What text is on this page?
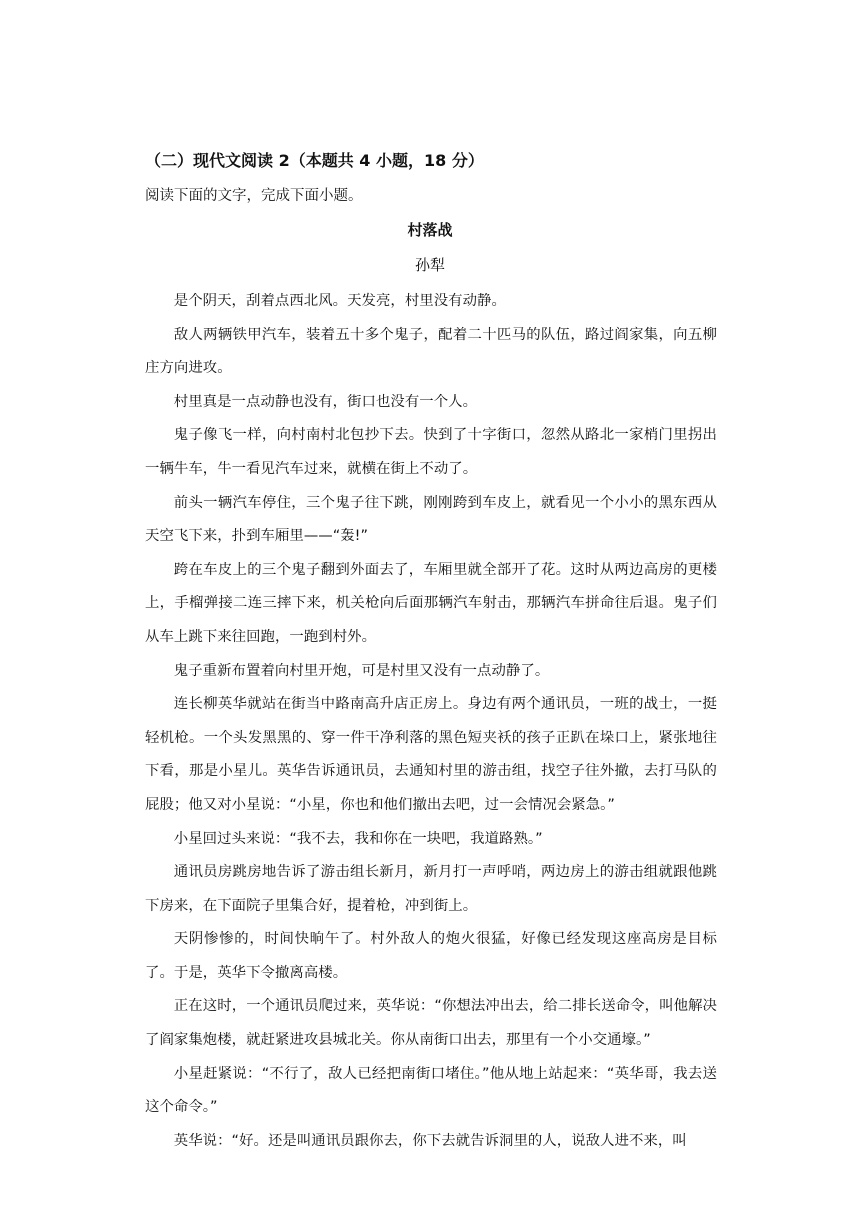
（二）现代文阅读 2（本题共 4 小题，18 分）
阅读下面的文字，完成下面小题。
村落战
孙犁

是个阴天，刮着点西北风。天发亮，村里没有动静。

敌人两辆铁甲汽车，装着五十多个鬼子，配着二十匹马的队伍，路过阎家集，向五柳庄方向进攻。

村里真是一点动静也没有，街口也没有一个人。

鬼子像飞一样，向村南村北包抄下去。快到了十字街口，忽然从路北一家梢门里拐出一辆牛车，牛一看见汽车过来，就横在街上不动了。

前头一辆汽车停住，三个鬼子往下跳，刚刚跨到车皮上，就看见一个小小的黑东西从天空飞下来，扑到车厢里——“轰!”

跨在车皮上的三个鬼子翻到外面去了，车厢里就全部开了花。这时从两边高房的更楼上，手榴弹接二连三摔下来，机关枪向后面那辆汽车射击，那辆汽车拼命往后退。鬼子们从车上跳下来往回跑，一跑到村外。

鬼子重新布置着向村里开炮，可是村里又没有一点动静了。

连长柳英华就站在街当中路南高升店正房上。身边有两个通讯员，一班的战士，一挺轻机枪。一个头发黑黑的、穿一件干净利落的黑色短夹袄的孩子正趴在垛口上，紧张地往下看，那是小星儿。英华告诉通讯员，去通知村里的游击组，找空子往外撤，去打马队的屁股；他又对小星说：“小星，你也和他们撤出去吧，过一会情况会紧急。”

小星回过头来说：“我不去，我和你在一块吧，我道路熟。”

通讯员房跳房地告诉了游击组长新月，新月打一声呼哨，两边房上的游击组就跟他跳下房来，在下面院子里集合好，提着枪，冲到街上。

天阴惨惨的，时间快晌午了。村外敌人的炮火很猛，好像已经发现这座高房是目标了。于是，英华下令撤离高楼。

正在这时，一个通讯员爬过来，英华说：“你想法冲出去，给二排长送命令，叫他解决了阎家集炮楼，就赶紧进攻县城北关。你从南街口出去，那里有一个小交通壕。”

小星赶紧说：“不行了，敌人已经把南街口堵住。”他从地上站起来：“英华哥，我去送这个命令。”

英华说：“好。还是叫通讯员跟你去，你下去就告诉洞里的人，说敌人进不来，叫
